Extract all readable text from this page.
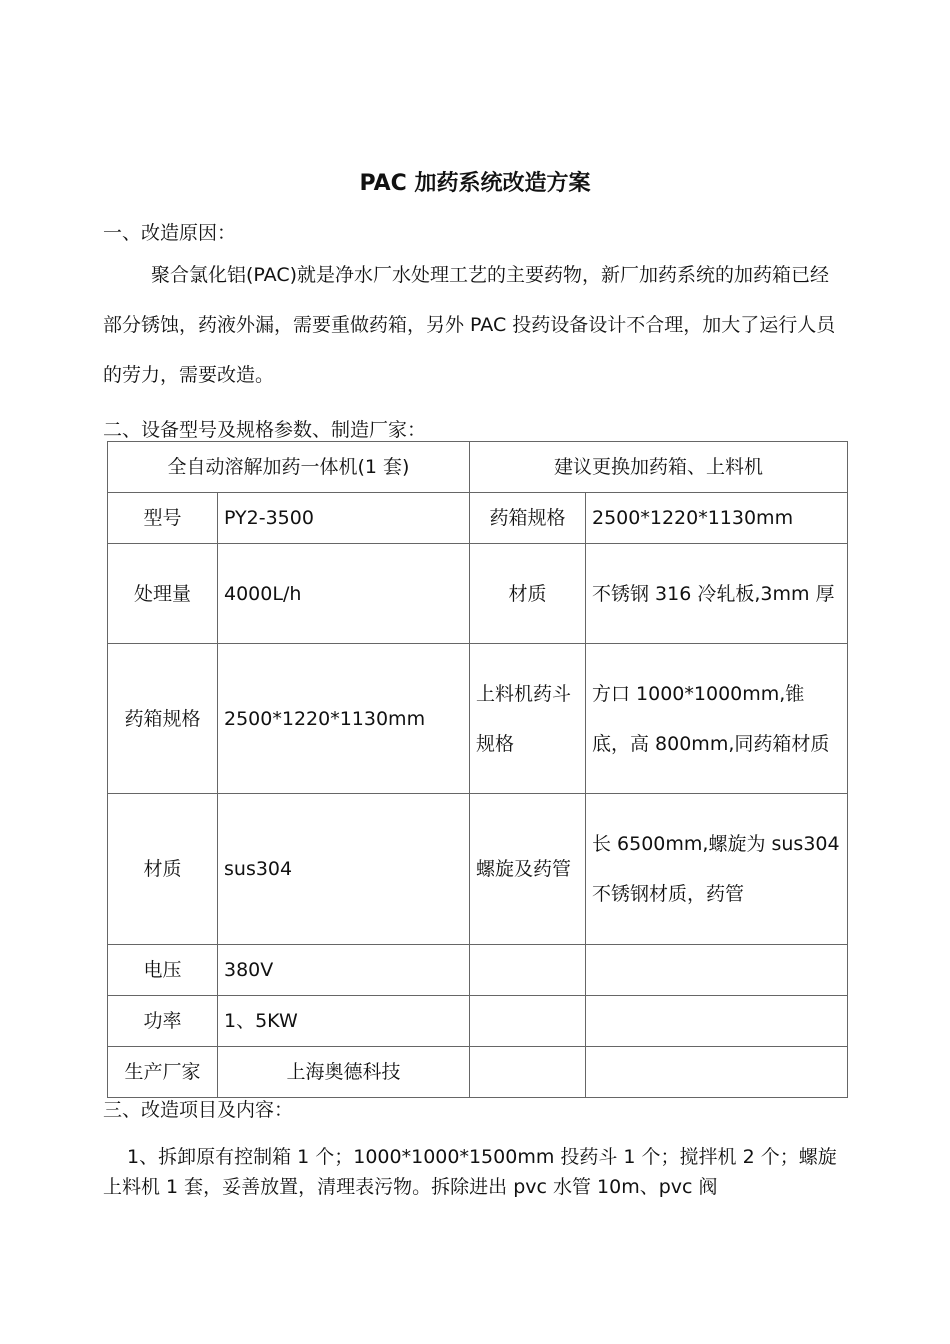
PAC 加药系统改造方案
一、改造原因：
聚合氯化铝(PAC)就是净水厂水处理工艺的主要药物，新厂加药系统的加药箱已经部分锈蚀，药液外漏，需要重做药箱，另外 PAC 投药设备设计不合理，加大了运行人员的劳力，需要改造。
二、设备型号及规格参数、制造厂家：
全自动溶解加药一体机(1 套)		建议更换加药箱、上料机	
型号	PY2-3500	药箱规格	2500*1220*1130mm
处理量	4000L/h	材质	不锈钢 316 冷轧板,3mm 厚
药箱规格	2500*1220*1130mm	上料机药斗规格	方口 1000*1000mm,锥底，高 800mm,同药箱材质
材质	sus304	螺旋及药管	长 6500mm,螺旋为 sus304 不锈钢材质，药管
电压	380V		
功率	1、5KW		
生产厂家	上海奥德科技		
三、改造项目及内容：
1、拆卸原有控制箱 1 个；1000*1000*1500mm 投药斗 1 个；搅拌机 2 个；螺旋上料机 1 套，妥善放置，清理表污物。拆除进出 pvc 水管 10m、pvc 阀
